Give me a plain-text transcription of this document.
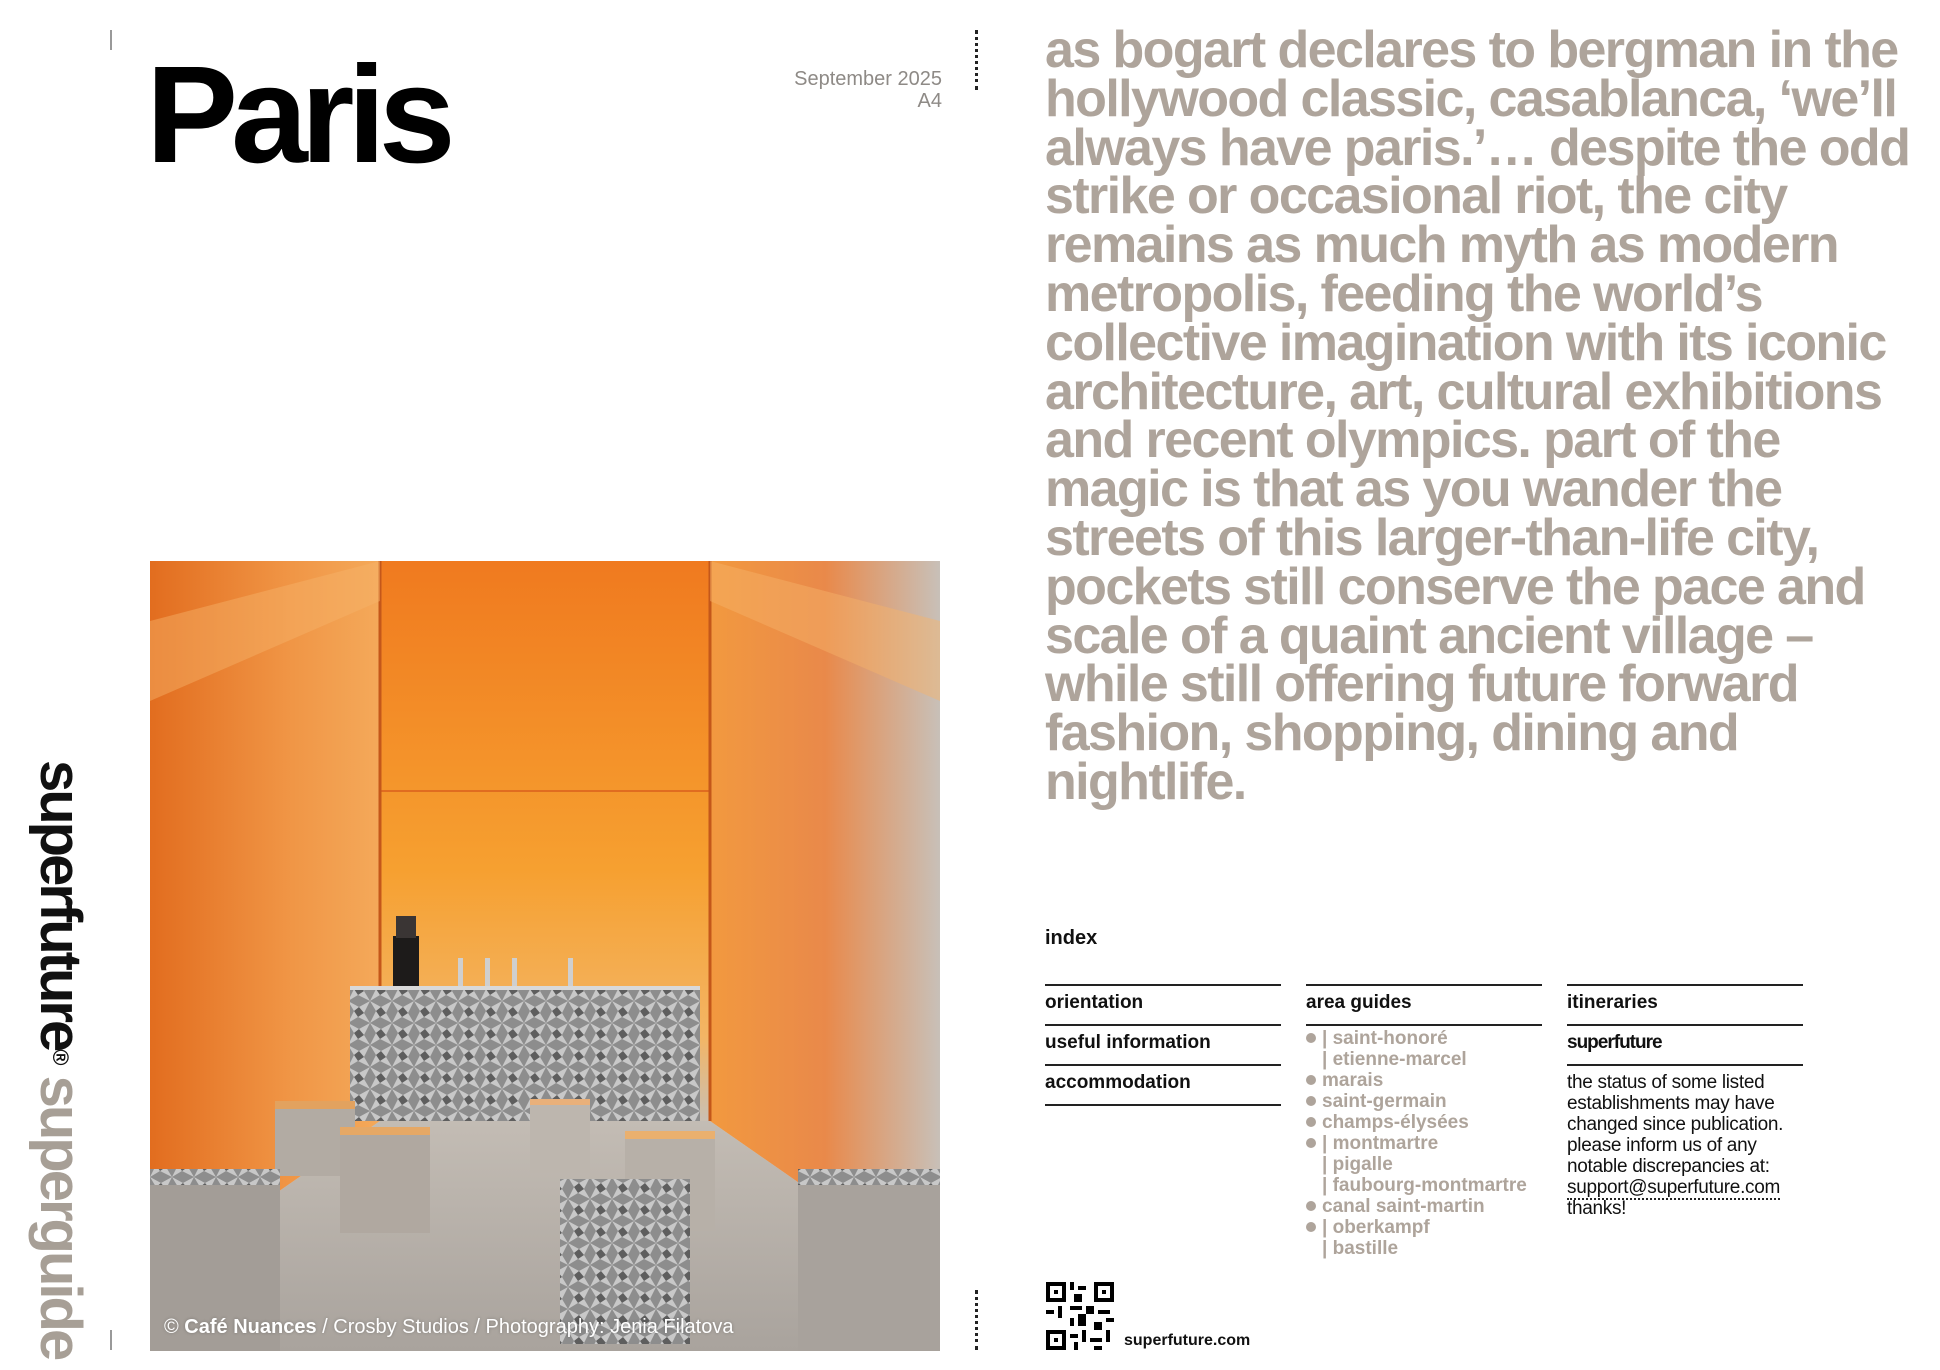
superfuture® superguide
Paris	September 2025
A4
© Café Nuances / Crosby Studios / Photography: Jenia Filatova
as bogart declares to bergman in the hollywood classic, casablanca, ‘we’ll always have paris.’… despite the odd strike or occasional riot, the city remains as much myth as modern metropolis, feeding the world’s collective imagination with its iconic architecture, art, cultural exhibitions and recent olympics. part of the magic is that as you wander the streets of this larger-than-life city, pockets still conserve the pace and scale of a quaint ancient village – while still offering future forward fashion, shopping, dining and nightlife.
index
orientation
useful information
accommodation
area guides
| saint-honoré
| etienne-marcel
marais
saint-germain
champs-élysées
| montmartre
| pigalle
| faubourg-montmartre
canal saint-martin
| oberkampf
| bastille
itineraries
superfuture
the status of some listed establishments may have changed since publication. please inform us of any notable discrepancies at:
support@superfuture.com
thanks!
superfuture.com
